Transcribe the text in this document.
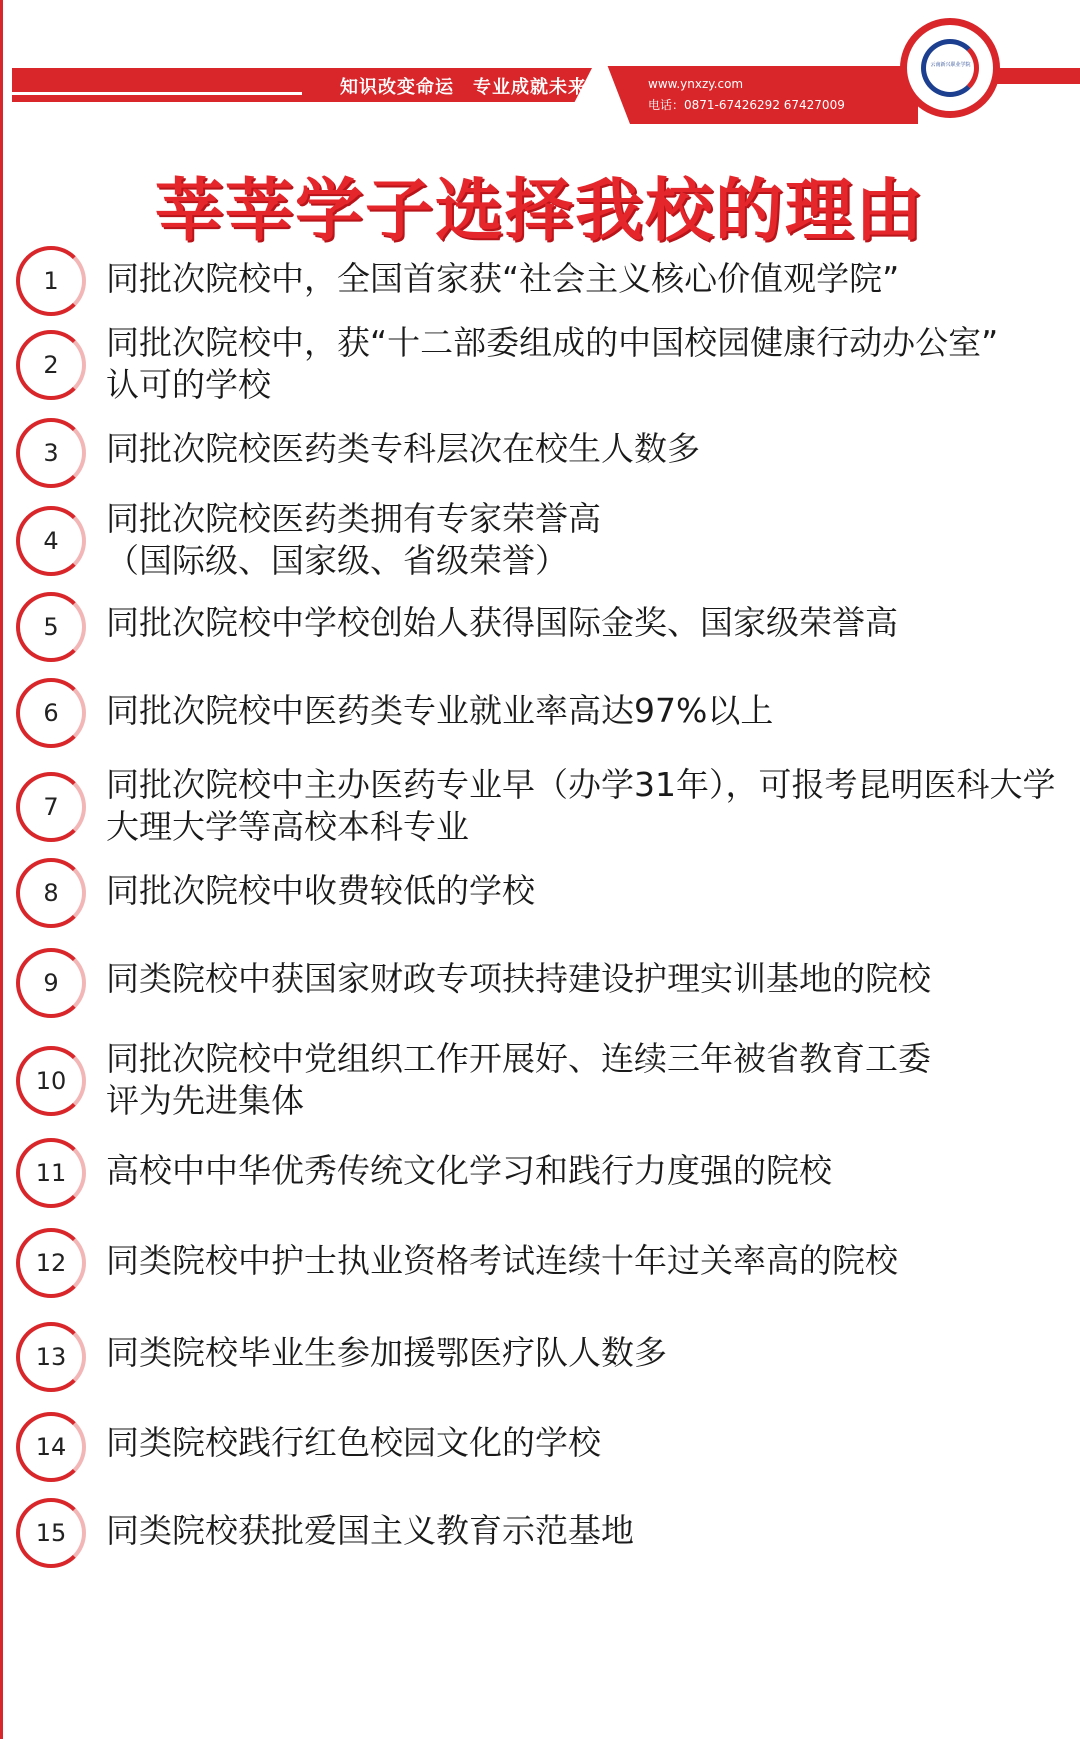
知识改变命运　专业成就未来	www.ynxzy.com
电话：0871-67426292 67427009
云南新兴职业学院
莘莘学子选择我校的理由
1	同批次院校中，全国首家获“社会主义核心价值观学院”
2
同批次院校中，获“十二部委组成的中国校园健康行动办公室”
认可的学校
3	同批次院校医药类专科层次在校生人数多
4
同批次院校医药类拥有专家荣誉高
（国际级、国家级、省级荣誉）
5	同批次院校中学校创始人获得国际金奖、国家级荣誉高
6	同批次院校中医药类专业就业率高达97%以上
7
同批次院校中主办医药专业早（办学31年），可报考昆明医科大学
大理大学等高校本科专业
8	同批次院校中收费较低的学校
9	同类院校中获国家财政专项扶持建设护理实训基地的院校
10
同批次院校中党组织工作开展好、连续三年被省教育工委
评为先进集体
11	高校中中华优秀传统文化学习和践行力度强的院校
12	同类院校中护士执业资格考试连续十年过关率高的院校
13	同类院校毕业生参加援鄂医疗队人数多
14	同类院校践行红色校园文化的学校
15	同类院校获批爱国主义教育示范基地
